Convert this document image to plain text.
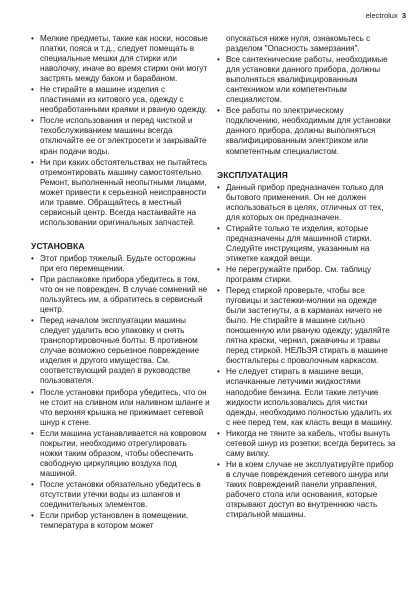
electrolux 3
• Мелкие предметы, такие как носки, носовые платки, пояса и т.д., следует помещать в специальные мешки для стирки или наволочку, иначе во время стирки они могут застрять между баком и барабаном.
• Не стирайте в машине изделия с пластинами из китового уса, одежду с необработанными краями и рваную одежду.
• После использования и перед чисткой и техобслуживанием машины всегда отключайте ее от электросети и закрывайте кран подачи воды.
• Ни при каких обстоятельствах не пытайтесь отремонтировать машину самостоятельно. Ремонт, выполненный неопытными лицами, может привести к серьезной неисправности или травме. Обращайтесь в местный сервисный центр. Всегда настаивайте на использовании оригинальных запчастей.
УСТАНОВКА
• Этот прибор тяжелый. Будьте осторожны при его перемещении.
• При распаковке прибора убедитесь в том, что он не поврежден. В случае сомнений не пользуйтесь им, а обратитесь в сервисный центр.
• Перед началом эксплуатации машины следует удалить всю упаковку и снять транспортировочные болты. В противном случае возможно серьезное повреждение изделия и другого имущества. См. соответствующий раздел в руководстве пользователя.
• После установки прибора убедитесь, что он не стоит на сливном или наливном шланге и что верхняя крышка не прижимает сетевой шнур к стене.
• Если машина устанавливается на ковровом покрытии, необходимо отрегулировать ножки таким образом, чтобы обеспечить свободную циркуляцию воздуха под машиной.
• После установки обязательно убедитесь в отсутствии утечки воды из шлангов и соединительных элементов.
• Если прибор установлен в помещении, температура в котором может
опускаться ниже нуля, ознакомьтесь с разделом "Опасность замерзания".
• Все сантехнические работы, необходимые для установки данного прибора, должны выполняться квалифицированным сантехником или компетентным специалистом.
• Все работы по электрическому подключению, необходимым для установки данного прибора, должны выполняться квалифицированным электриком или компетентным специалистом.
ЭКСПЛУАТАЦИЯ
• Данный прибор предназначен только для бытового применения. Он не должен использоваться в целях, отличных от тех, для которых он предназначен.
• Стирайте только те изделия, которые предназначены для машинной стирки. Следуйте инструкциям, указанным на этикетке каждой вещи.
• Не перегружайте прибор. См. таблицу программ стирки.
• Перед стиркой проверьте, чтобы все пуговицы и застежки-молнии на одежде были застегнуты, а в карманах ничего не было. Не стирайте в машине сильно поношенную или рваную одежду; удаляйте пятна краски, чернил, ржавчины и травы перед стиркой. НЕЛЬЗЯ стирать в машине бюстгальтеры с проволочным каркасом.
• Не следует стирать в машине вещи, испачканные летучими жидкостями наподобие бензина. Если такие летучие жидкости использовались для чистки одежды, необходимо полностью удалить их с нее перед тем, как класть вещи в машину.
• Никогда не тяните за кабель, чтобы вынуть сетевой шнур из розетки; всегда беритесь за саму вилку.
• Ни в коем случае не эксплуатируйте прибор в случае повреждения сетевого шнура или таких повреждений панели управления, рабочего стола или основания, которые открывают доступ во внутреннюю часть стиральной машины.
